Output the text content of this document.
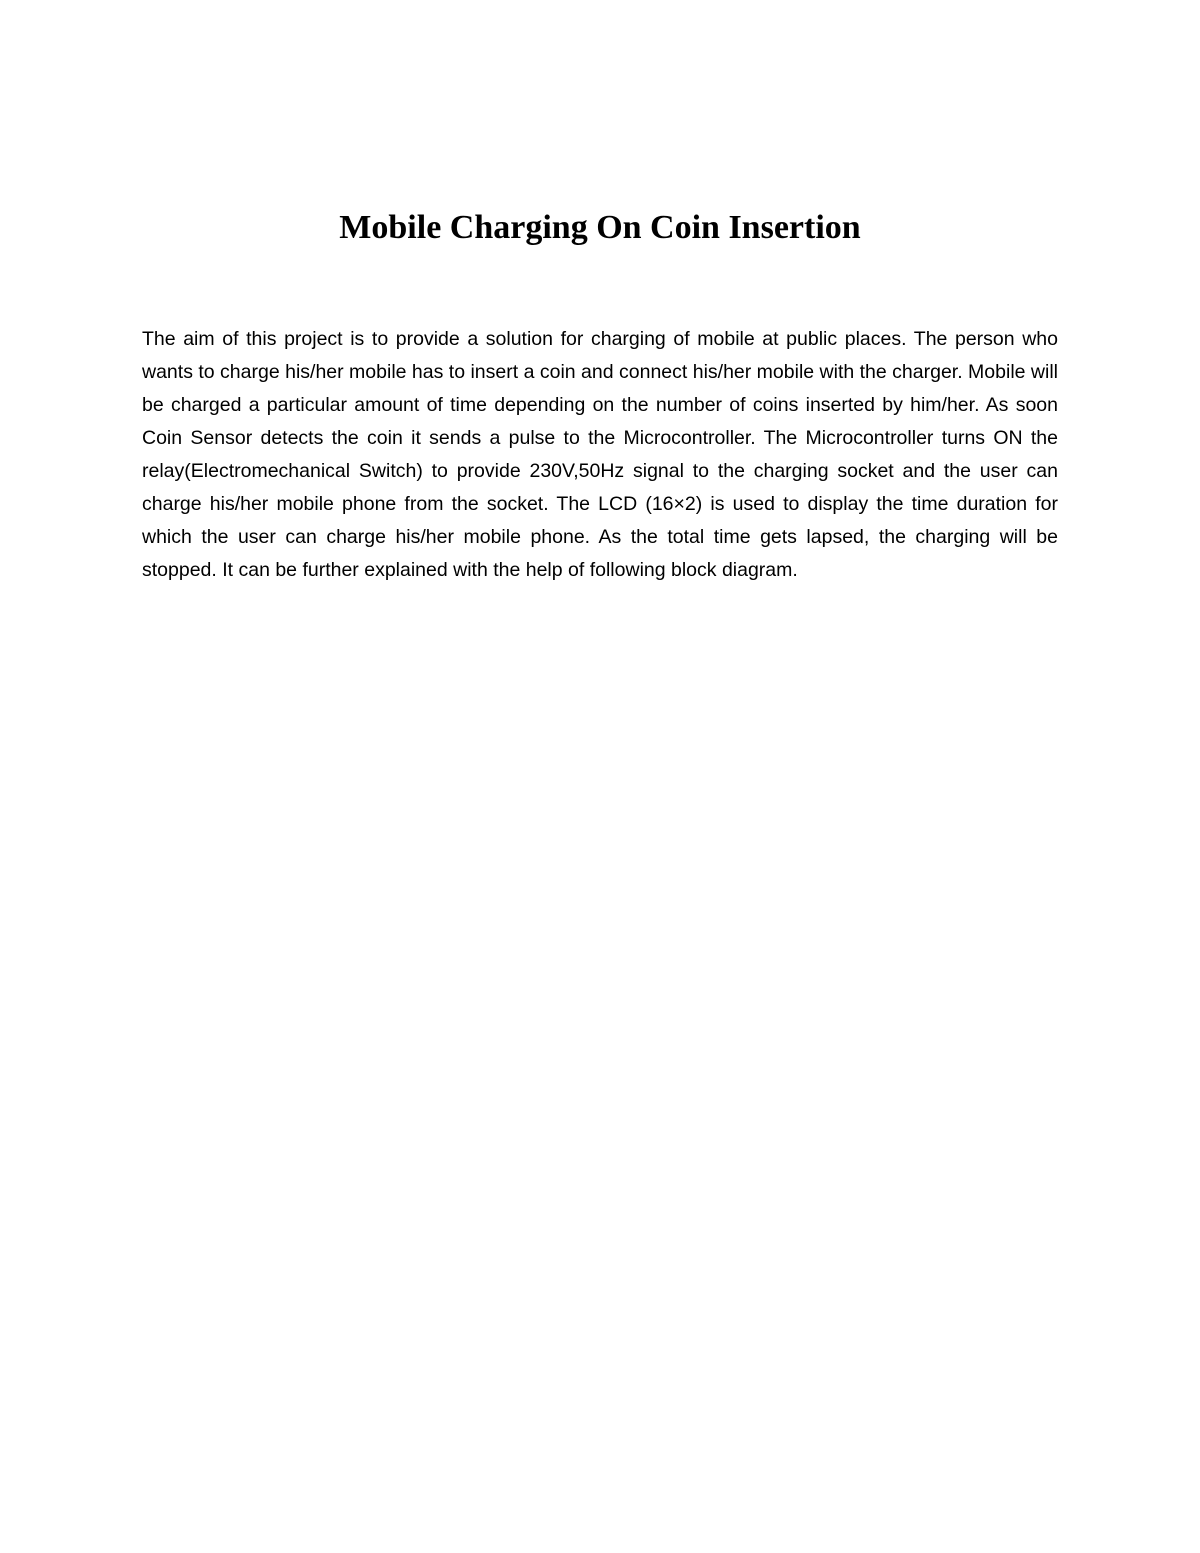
Mobile Charging On Coin Insertion

The aim of this project is to provide a solution for charging of mobile at public places. The person who wants to charge his/her mobile has to insert a coin and connect his/her mobile with the charger. Mobile will be charged a particular amount of time depending on the number of coins inserted by him/her. As soon Coin Sensor detects the coin it sends a pulse to the Microcontroller. The Microcontroller turns ON the relay(Electromechanical Switch) to provide 230V,50Hz signal to the charging socket and the user can charge his/her mobile phone from the socket. The LCD (16×2) is used to display the time duration for which the user can charge his/her mobile phone. As the total time gets lapsed, the charging will be stopped. It can be further explained with the help of following block diagram.
